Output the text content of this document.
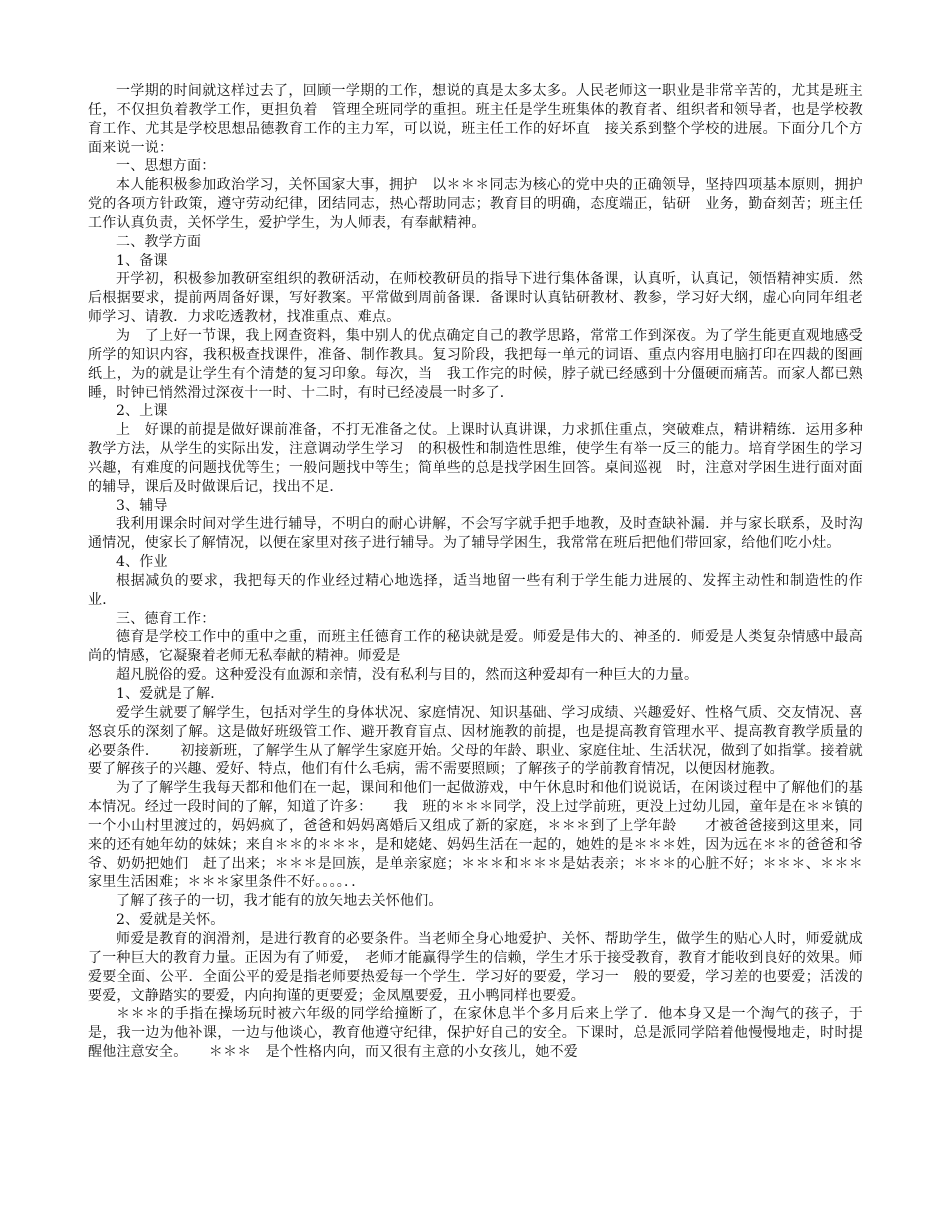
一学期的时间就这样过去了，回顾一学期的工作，想说的真是太多太多。人民老师这一职业是非常辛苦的，尤其是班主任，不仅担负着教学工作，更担负着　管理全班同学的重担。班主任是学生班集体的教育者、组织者和领导者，也是学校教育工作、尤其是学校思想品德教育工作的主力军，可以说，班主任工作的好坏直　接关系到整个学校的进展。下面分几个方面来说一说：

一、思想方面：

本人能积极参加政治学习，关怀国家大事，拥护　以＊＊＊同志为核心的党中央的正确领导，坚持四项基本原则，拥护党的各项方针政策，遵守劳动纪律，团结同志，热心帮助同志；教育目的明确，态度端正，钻研　业务，勤奋刻苦；班主任工作认真负责，关怀学生，爱护学生，为人师表，有奉献精神。

二、教学方面

1、备课

开学初，积极参加教研室组织的教研活动，在师校教研员的指导下进行集体备课，认真听，认真记，领悟精神实质．然后根据要求，提前两周备好课，写好教案。平常做到周前备课．备课时认真钻研教材、教参，学习好大纲，虚心向同年组老师学习、请教．力求吃透教材，找准重点、难点。

为　了上好一节课，我上网查资料，集中别人的优点确定自己的教学思路，常常工作到深夜。为了学生能更直观地感受所学的知识内容，我积极查找课件，准备、制作教具。复习阶段，我把每一单元的词语、重点内容用电脑打印在四裁的图画纸上，为的就是让学生有个清楚的复习印象。每次，当　我工作完的时候，脖子就已经感到十分僵硬而痛苦。而家人都已熟睡，时钟已悄然滑过深夜十一时、十二时，有时已经凌晨一时多了．

2、上课

上　好课的前提是做好课前准备，不打无准备之仗。上课时认真讲课，力求抓住重点，突破难点，精讲精练．运用多种教学方法，从学生的实际出发，注意调动学生学习　的积极性和制造性思维，使学生有举一反三的能力。培育学困生的学习兴趣，有难度的问题找优等生；一般问题找中等生；简单些的总是找学困生回答。桌间巡视　时，注意对学困生进行面对面的辅导，课后及时做课后记，找出不足．

3、辅导

我利用课余时间对学生进行辅导，不明白的耐心讲解，不会写字就手把手地教，及时查缺补漏．并与家长联系，及时沟通情况，使家长了解情况，以便在家里对孩子进行辅导。为了辅导学困生，我常常在班后把他们带回家，给他们吃小灶。

4、作业

根据减负的要求，我把每天的作业经过精心地选择，适当地留一些有利于学生能力进展的、发挥主动性和制造性的作业．

三、德育工作：

德育是学校工作中的重中之重，而班主任德育工作的秘诀就是爱。师爱是伟大的、神圣的．师爱是人类复杂情感中最高尚的情感，它凝聚着老师无私奉献的精神。师爱是

超凡脱俗的爱。这种爱没有血源和亲情，没有私利与目的，然而这种爱却有一种巨大的力量。

1、爱就是了解．

爱学生就要了解学生，包括对学生的身体状况、家庭情况、知识基础、学习成绩、兴趣爱好、性格气质、交友情况、喜怒哀乐的深刻了解。这是做好班级管工作、避开教育盲点、因材施教的前提，也是提高教育管理水平、提高教育教学质量的必要条件．　　初接新班，了解学生从了解学生家庭开始。父母的年龄、职业、家庭住址、生活状况，做到了如指掌。接着就要了解孩子的兴趣、爱好、特点，他们有什么毛病，需不需要照顾；了解孩子的学前教育情况，以便因材施教。

为了了解学生我每天都和他们在一起，课间和他们一起做游戏，中午休息时和他们说说话，在闲谈过程中了解他们的基本情况。经过一段时间的了解，知道了许多：　　我　班的＊＊＊同学，没上过学前班，更没上过幼儿园，童年是在＊＊镇的一个小山村里渡过的，妈妈疯了，爸爸和妈妈离婚后又组成了新的家庭，＊＊＊到了上学年龄　　才被爸爸接到这里来，同来的还有她年幼的妹妹；来自＊＊的＊＊＊，是和姥姥、妈妈生活在一起的，她姓的是＊＊＊姓，因为远在＊＊的爸爸和爷爷、奶奶把她们　赶了出来；＊＊＊是回族，是单亲家庭；＊＊＊和＊＊＊是姑表亲；＊＊＊的心脏不好；＊＊＊、＊＊＊家里生活困难；＊＊＊家里条件不好。。。。．．

了解了孩子的一切，我才能有的放矢地去关怀他们。

2、爱就是关怀。

师爱是教育的润滑剂，是进行教育的必要条件。当老师全身心地爱护、关怀、帮助学生，做学生的贴心人时，师爱就成了一种巨大的教育力量。正因为有了师爱，　老师才能赢得学生的信赖，学生才乐于接受教育，教育才能收到良好的效果。师爱要全面、公平．全面公平的爱是指老师要热爱每一个学生．学习好的要爱，学习一　般的要爱，学习差的也要爱；活泼的要爱，文静踏实的要爱，内向拘谨的更要爱；金凤凰要爱，丑小鸭同样也要爱。

＊＊＊的手指在操场玩时被六年级的同学给撞断了，在家休息半个多月后来上学了．他本身又是一个淘气的孩子，于是，我一边为他补课，一边与他谈心，教育他遵守纪律，保护好自己的安全。下课时，总是派同学陪着他慢慢地走，时时提醒他注意安全。　　＊＊＊　是个性格内向，而又很有主意的小女孩儿，她不爱
